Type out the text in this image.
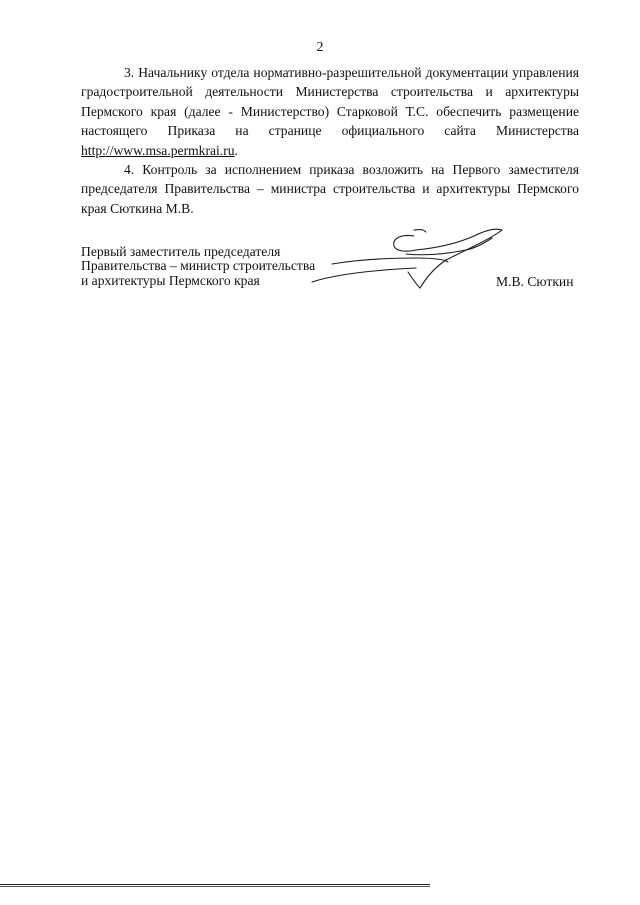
2

3. Начальнику отдела нормативно-разрешительной документации управления градостроительной деятельности Министерства строительства и архитектуры Пермского края (далее - Министерство) Старковой Т.С. обеспечить размещение настоящего Приказа на странице официального сайта Министерства http://www.msa.permkrai.ru.

4. Контроль за исполнением приказа возложить на Первого заместителя председателя Правительства – министра строительства и архитектуры Пермского края Сюткина М.В.

Первый заместитель председателя
Правительства – министр строительства
и архитектуры Пермского края	М.В. Сюткин
